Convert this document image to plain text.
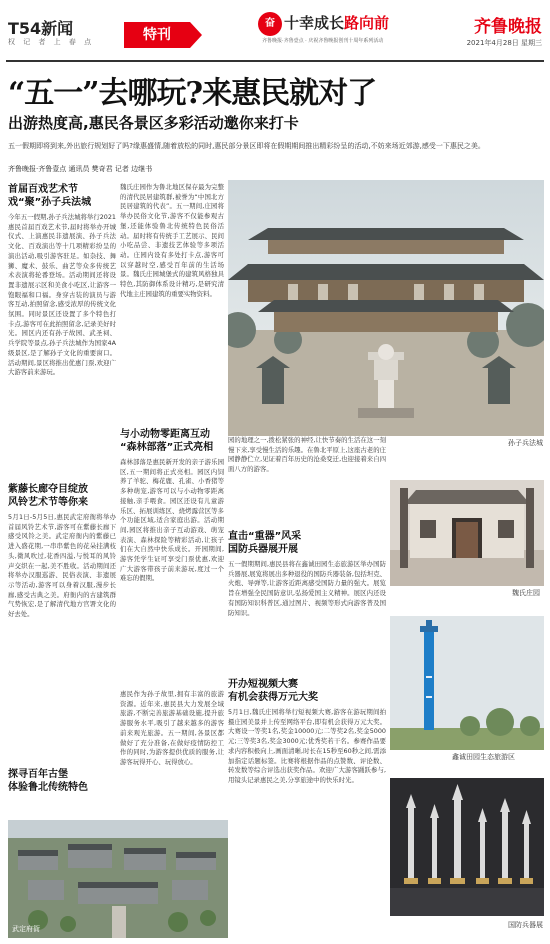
T54新闻
权 记 者 上 春 点	特刊
奋 十幸成长路向前
齐鲁晚报·齐鲁壹点 · 庆祝齐鲁晚报创刊十周年系列活动
齐鲁晚报
2021年4月28日 星期三
“五一”去哪玩?来惠民就对了
出游热度高,惠民各景区多彩活动邀你来打卡
五一假期即将到来,外出旅行规划好了吗?缘惠盛情,随着放松的同时,惠民部分景区即将在假期期间推出精彩纷呈的活动,不妨来场近郊游,感受一下惠民之美。
齐鲁晚报·齐鲁壹点 通讯员 樊奇君 记者 边继书
首届百戏艺术节
戏“聚”孙子兵法城
今年五一假期,孙子兵法城将举行2021惠民首届百戏艺术节,届时将举办开城仪式、上演惠民非遗展演、孙子兵法文化、百戏演出等十几项精彩纷呈的演出活动,吸引游客驻足。如杂技、舞狮、魔术、鼓乐、曲艺等众多传统艺术表演将轮番登场。活动期间还将设置非遗展示区和美食小吃区,让游客一饱眼福和口福。身穿古装的演员与游客互动,拍照留念,感受浓厚的传统文化氛围。同时景区还设置了多个特色打卡点,游客可在此拍照留念,记录美好时光。园区内还有孙子故园、武圣祠、兵学院等景点,孙子兵法城作为国家4A级景区,是了解孙子文化的重要窗口。活动期间,景区将推出优惠门票,欢迎广大游客前来游玩。
紫藤长廊夺目绽放
风铃艺术节等你来
5月1日-5月5日,惠民武定府衙将举办首届风铃艺术节,游客可在紫藤长廊下感受风铃之美。武定府衙内的紫藤已进入盛花期,一串串紫色的花朵挂满枝头,微风吹过,花香四溢,与悦耳的风铃声交织在一起,美不胜收。活动期间还将举办汉服巡游、民俗表演、非遗展示等活动,游客可以身着汉服,漫步长廊,感受古典之美。府衙内的古建筑群气势恢宏,是了解清代地方官署文化的好去处。
探寻百年古堡
体验鲁北传统特色
魏氏庄园作为鲁北地区保存最为完整的清代民居建筑群,被誉为“中国北方民居建筑的代表”。五一期间,庄园将举办民俗文化节,游客不仅能参观古堡,还能体验鲁北传统特色民俗活动。届时将有传统手工艺展示、民间小吃品尝、非遗技艺体验等多项活动。庄园内设有多处打卡点,游客可以穿越时空,感受百年前的生活场景。魏氏庄园城堡式的建筑风格独具特色,其防御体系设计精巧,是研究清代地主庄园建筑的重要实物资料。
与小动物零距离互动
“森林部落”正式亮相
森林部落是惠民新开发的亲子游乐园区,五一期间将正式亮相。园区内饲养了羊驼、梅花鹿、孔雀、小香猪等多种萌宠,游客可以与小动物零距离接触,亲手喂食。园区还设有儿童游乐区、拓展训练区、烧烤露营区等多个功能区域,适合家庭出游。活动期间,园区将推出亲子互动游戏、萌宠表演、森林探险等精彩活动,让孩子们在大自然中快乐成长。开园期间,游客凭学生证可享受门票优惠,欢迎广大游客带孩子前来游玩,度过一个难忘的假期。
惠民作为孙子故里,拥有丰富的旅游资源。近年来,惠民县大力发展全域旅游,不断完善旅游基础设施,提升旅游服务水平,吸引了越来越多的游客前来观光旅游。五一期间,各景区都做好了充分准备,在做好疫情防控工作的同时,为游客提供优质的服务,让游客玩得开心、玩得放心。
孙子兵法城
园的地理之一,拨松紧张的神经,让快节奏的生活在这一刻慢下来,享受慢生活的乐趣。在鲁北平原上,这座古老的庄园静静伫立,见证着百年历史的沧桑变迁,也迎接着来自四面八方的游客。
直击“重器”风采
国防兵器展开展
五一假期期间,惠民县将在鑫诚田园生态旅游区举办国防兵器展,展览将展出多种退役的国防兵器装备,包括坦克、火炮、导弹等,让游客近距离感受国防力量的强大。展览旨在增强全民国防意识,弘扬爱国主义精神。展区内还设有国防知识科普区,通过图片、视频等形式向游客普及国防知识。
开办短视频大赛
有机会获得万元大奖
5月1日,魏氏庄园将举行短视频大赛,游客在游玩期间拍摄庄园美景并上传至网络平台,即有机会获得万元大奖。大赛设一等奖1名,奖金10000元;二等奖2名,奖金5000元;三等奖3名,奖金3000元;优秀奖若干名。参赛作品要求内容积极向上,画面清晰,时长在15秒至60秒之间,需添加指定话题标签。比赛将根据作品的点赞数、评论数、转发数等综合评选出获奖作品。欢迎广大游客踊跃参与,用镜头记录惠民之美,分享旅途中的快乐时光。
魏氏庄园
鑫诚田园生态旅游区
国防兵器展
武定府衙
